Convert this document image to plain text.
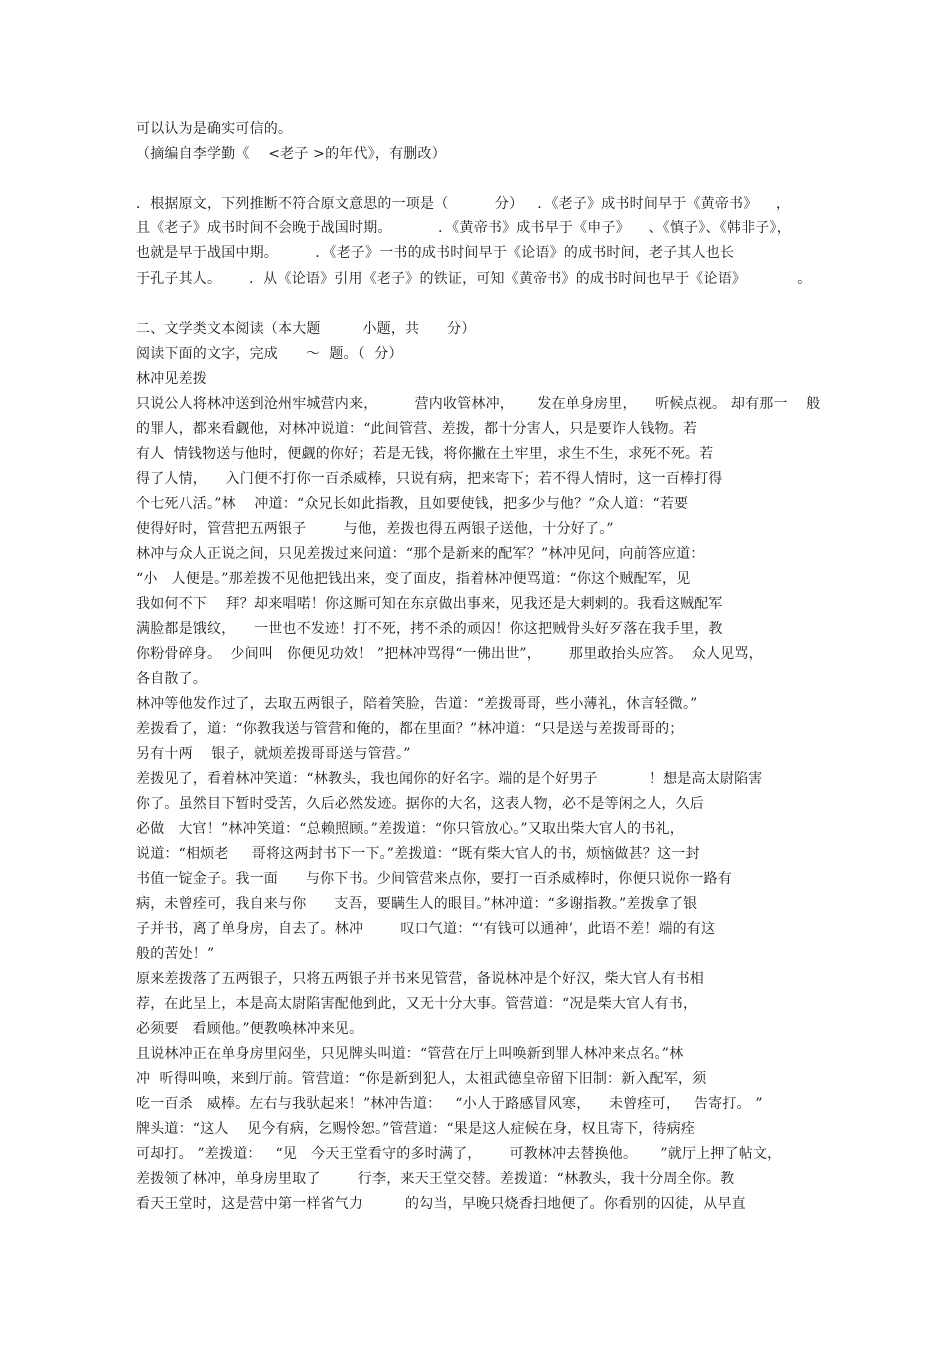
可以认为是确实可信的。
（摘编自李学勤《    <老子 >的年代》，有删改）
．根据原文，下列推断不符合原文意思的一项是（          分）   ．《老子》成书时间早于《黄帝书》    ，
且《老子》成书时间不会晚于战国时期。          ．《黄帝书》成书早于《申子》    、《慎子》、《韩非子》，
也就是早于战国中期。        ．《老子》一书的成书时间早于《论语》的成书时间，老子其人也长
于孔子其人。      ．从《论语》引用《老子》的铁证，可知《黄帝书》的成书时间也早于《论语》           。
二、文学类文本阅读（本大题         小题，共      分）
阅读下面的文字，完成      ～  题。（  分）
林冲见差拨
只说公人将林冲送到沧州牢城营内来，        营内收管林冲，     发在单身房里，    听候点视。 却有那一    般
的罪人，都来看觑他，对林冲说道：“此间管营、差拨，都十分害人，只是要诈人钱物。若
有人  情钱物送与他时，便觑的你好；若是无钱，将你撇在土牢里，求生不生，求死不死。若
得了人情，    入门便不打你一百杀威棒，只说有病，把来寄下；若不得人情时，这一百棒打得
个七死八活。”林    冲道：“众兄长如此指教，且如要使钱，把多少与他？”众人道：“若要
使得好时，管营把五两银子        与他，差拨也得五两银子送他，十分好了。”
林冲与众人正说之间，只见差拨过来问道：“那个是新来的配军？”林冲见问，向前答应道：
“小   人便是。”那差拨不见他把钱出来，变了面皮，指着林冲便骂道：“你这个贼配军，见
我如何不下    拜？却来唱喏！你这厮可知在东京做出事来，见我还是大剌剌的。我看这贼配军
满脸都是饿纹，    一世也不发迹！打不死，拷不杀的顽囚！你这把贼骨头好歹落在我手里，教
你粉骨碎身。  少间叫   你便见功效！ ”把林冲骂得“一佛出世”，      那里敢抬头应答。  众人见骂，
各自散了。
林冲等他发作过了，去取五两银子，陪着笑脸，告道：“差拨哥哥，些小薄礼，休言轻微。”
差拨看了，道：“你教我送与管营和俺的，都在里面？”林冲道：“只是送与差拨哥哥的；
另有十两    银子，就烦差拨哥哥送与管营。”
差拨见了，看着林冲笑道：“林教头，我也闻你的好名字。端的是个好男子           ！想是高太尉陷害
你了。虽然目下暂时受苦，久后必然发迹。据你的大名，这表人物，必不是等闲之人，久后
必做   大官！”林冲笑道：“总赖照顾。”差拨道：“你只管放心。”又取出柴大官人的书礼，
说道：“相烦老     哥将这两封书下一下。”差拨道：“既有柴大官人的书，烦恼做甚？这一封
书值一锭金子。我一面      与你下书。少间管营来点你，要打一百杀威棒时，你便只说你一路有
病，未曾痊可，我自来与你      支吾，要瞒生人的眼目。”林冲道：“多谢指教。”差拨拿了银
子并书，离了单身房，自去了。林冲        叹口气道：“‘有钱可以通神’，此语不差！端的有这
般的苦处！”
原来差拨落了五两银子，只将五两银子并书来见管营，备说林冲是个好汉，柴大官人有书相
荐，在此呈上，本是高太尉陷害配他到此，又无十分大事。管营道：“况是柴大官人有书，
必须要   看顾他。”便教唤林冲来见。
且说林冲正在单身房里闷坐，只见牌头叫道：“管营在厅上叫唤新到罪人林冲来点名。”林
冲  听得叫唤，来到厅前。管营道：“你是新到犯人，太祖武德皇帝留下旧制：新入配军，须
吃一百杀   威棒。左右与我驮起来！”林冲告道：   “小人于路感冒风寒，    未曾痊可，   告寄打。 ”
牌头道：“这人    见今有病，乞赐怜恕。”管营道：“果是这人症候在身，权且寄下，待病痊
可却打。 ”差拨道：   “见   今天王堂看守的多时满了，      可教林冲去替换他。     ”就厅上押了帖文，
差拨领了林冲，单身房里取了        行李，来天王堂交替。差拨道：“林教头，我十分周全你。教
看天王堂时，这是营中第一样省气力         的勾当，早晚只烧香扫地便了。你看别的囚徒，从早直
